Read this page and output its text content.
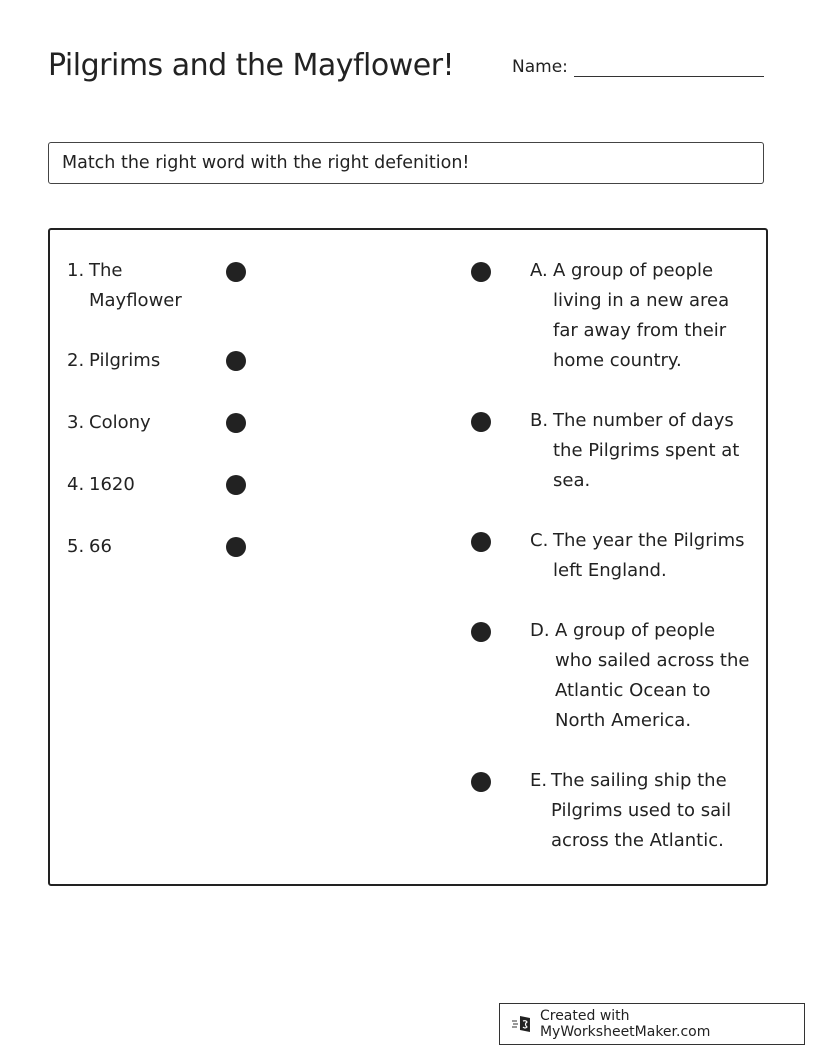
Pilgrims and the Mayflower!	Name:
Match the right word with the right defenition!
1. The Mayflower
2. Pilgrims
3. Colony
4. 1620
5. 66
A. A group of people living in a new area far away from their home country.
B. The number of days the Pilgrims spent at sea.
C. The year the Pilgrims left England.
D. A group of people who sailed across the Atlantic Ocean to North America.
E. The sailing ship the Pilgrims used to sail across the Atlantic.
Created with MyWorksheetMaker.com
